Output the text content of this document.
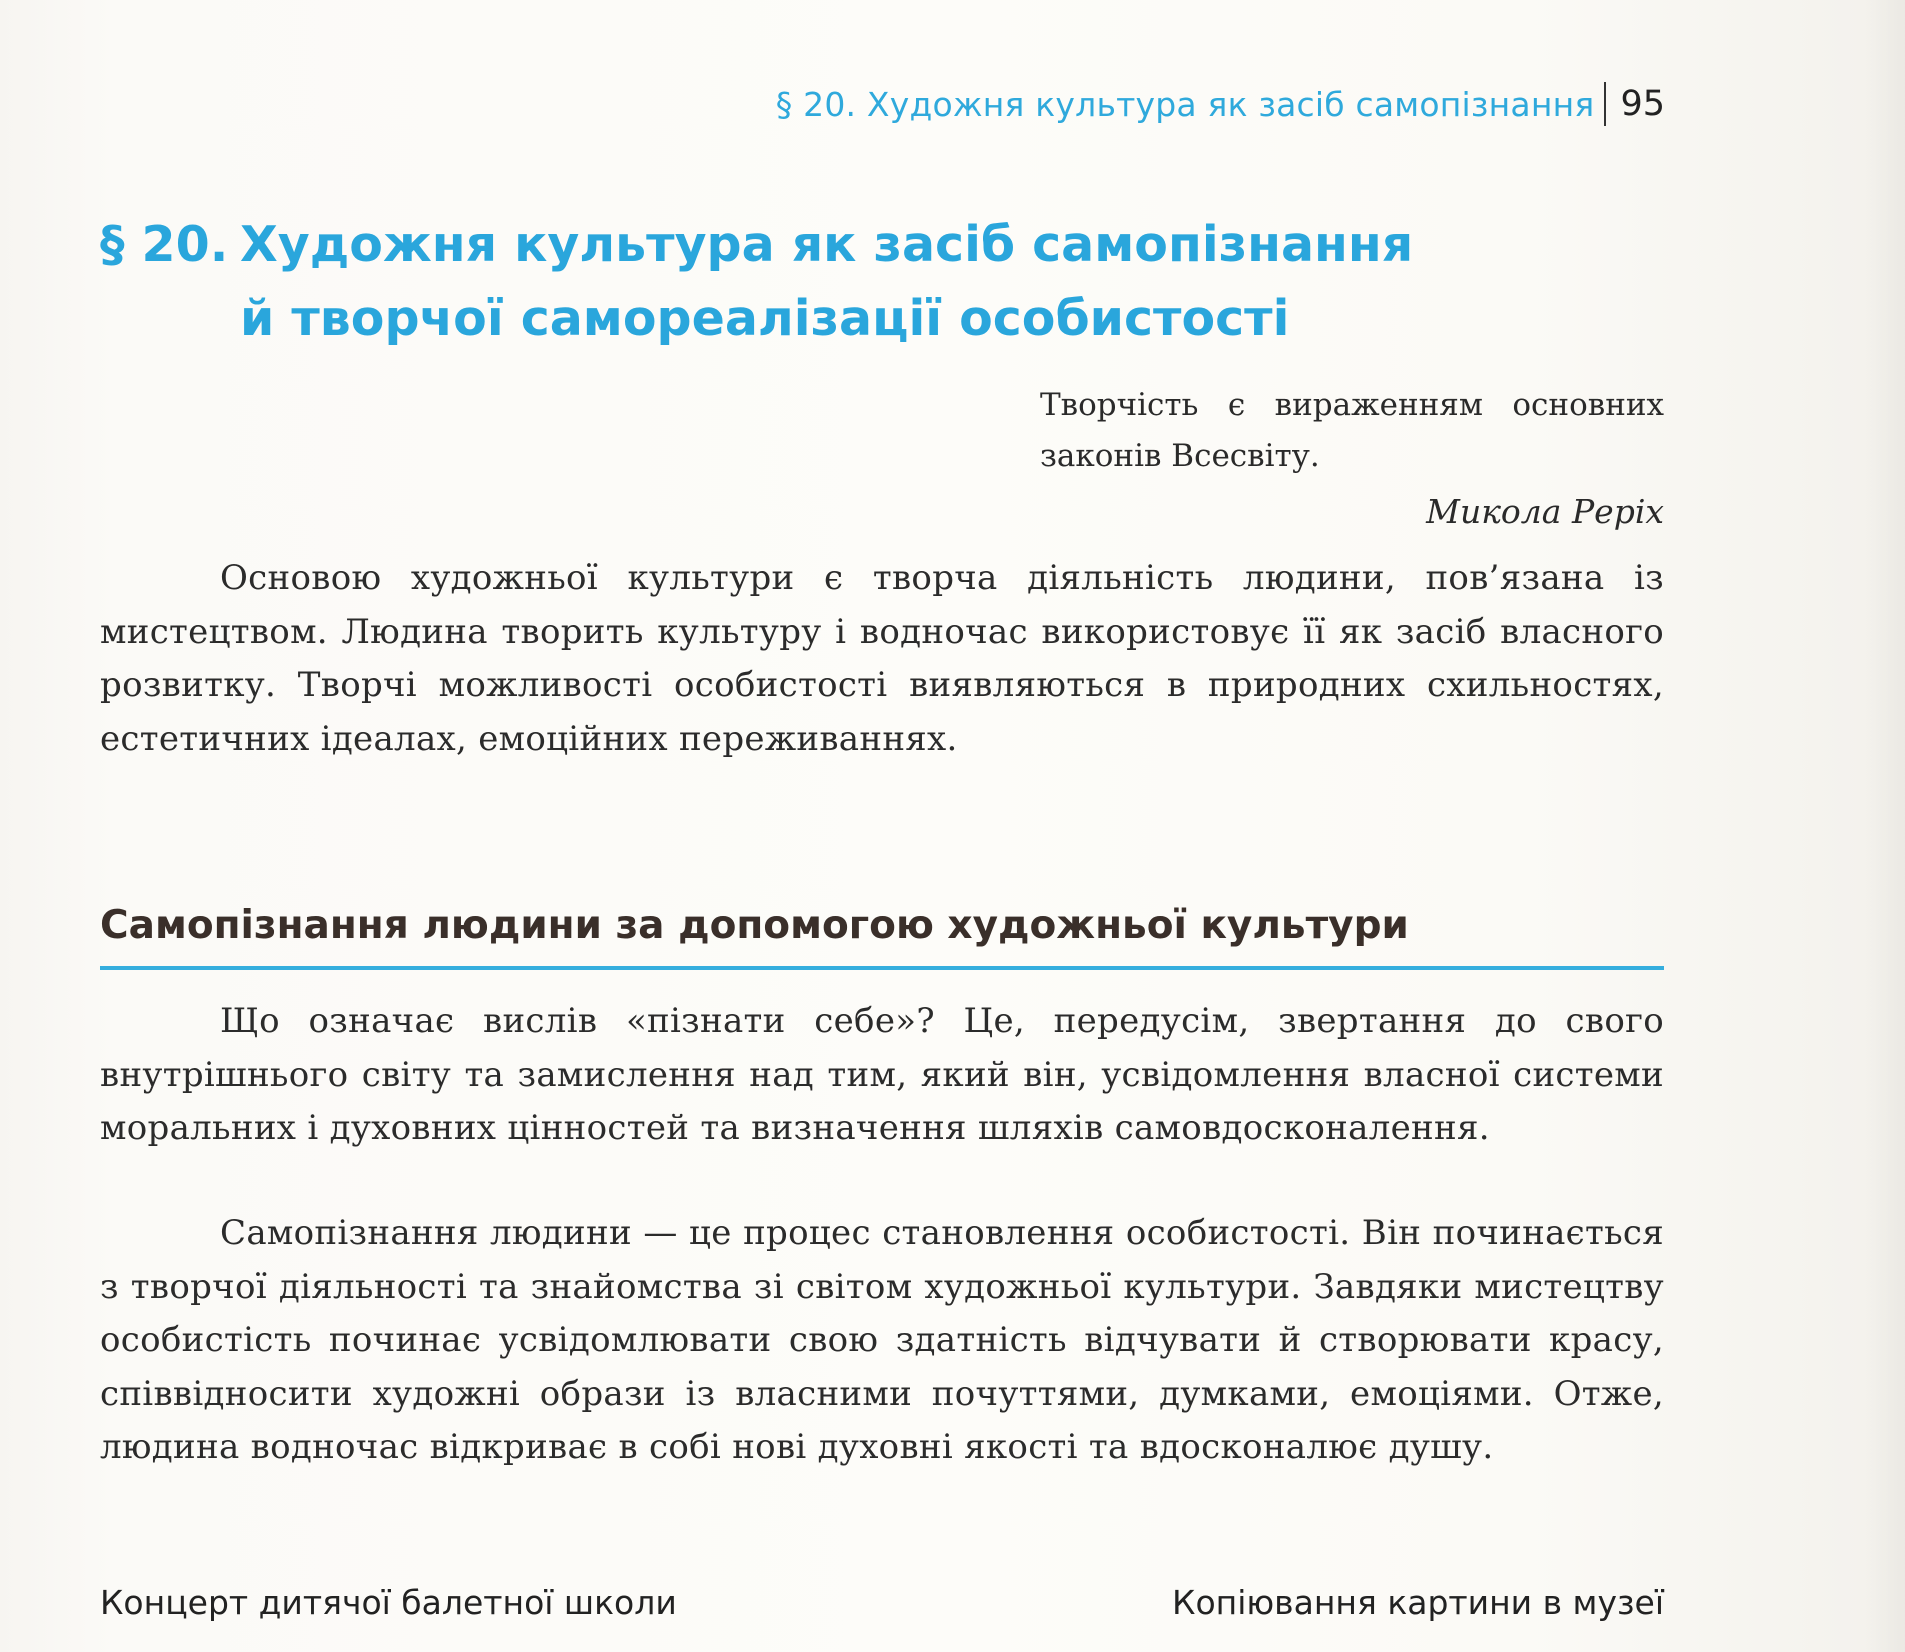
§ 20. Художня культура як засіб самопізнання 95
§ 20. Художня культура як засіб самопізнання
й творчої самореалізації особистості
Творчість є вираженням основних законів Всесвіту.
Микола Реріх
Основою художньої культури є творча діяльність людини, пов’язана із мистецтвом. Людина творить культуру і водночас використовує її як засіб власного розвитку. Творчі можливості особистості виявляються в природних схильностях, естетичних ідеалах, емоційних переживаннях.
Самопізнання людини за допомогою художньої культури
Що означає вислів «пізнати себе»? Це, передусім, звертання до свого внутрішнього світу та замислення над тим, який він, усвідомлення власної системи моральних і духовних цінностей та визначення шляхів самовдосконалення.
Самопізнання людини — це процес становлення особистості. Він починається з творчої діяльності та знайомства зі світом художньої культури. Завдяки мистецтву особистість починає усвідомлювати свою здатність відчувати й створювати красу, співвідносити художні образи із власними почуттями, думками, емоціями. Отже, людина водночас відкриває в собі нові духовні якості та вдосконалює душу.
Концерт дитячої балетної школи	Копіювання картини в музеї
